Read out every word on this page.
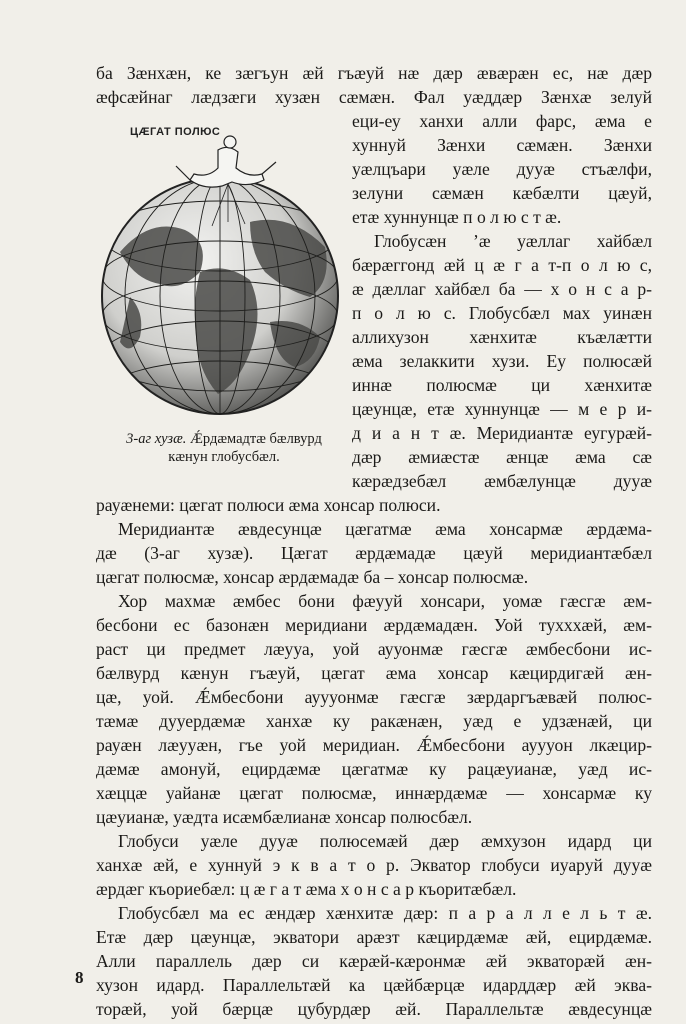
ба Зæнхæн, ке зæгъун æй гъæуй нæ дæр æвæрæн ес, нæ дæр
æфсæйнаг лæдзæги хузæн сæмæн. Фал уæддæр Зæнхæ зелуй
ЦÆГАТ ПОЛЮС
еци-еу ханхи алли фарс, æма е
хуннуй Зæнхи сæмæн. Зæнхи
уæлцъари уæле дууæ стъæлфи,
зелуни сæмæн кæбæлти цæуй,
етæ хуннунцæ п о л ю с т æ.
Глобусæн ʼæ уæллаг хайбæл
бæрæггонд æй ц æ г а т-п о л ю с,
æ дæллаг хайбæл ба — х о н с а р-
п о л ю с. Глобусбæл мах уинæн
аллихузон хæнхитæ къæлæтти
æма зелаккити хузи. Еу полюсæй
иннæ полюсмæ ци хæнхитæ
цæунцæ, етæ хуннунцæ — м е р и-
д и а н т æ. Меридиантæ еугурæй-
дæр æмиæстæ æнцæ æма сæ
кæрæдзебæл æмбæлунцæ дууæ
3-аг хузæ. Ǽрдæмадтæ бæлвурд
кæнун глобусбæл.
рауæнеми: цæгат полюси æма хонсар полюси.
Меридиантæ æвдесунцæ цæгатмæ æма хонсармæ æрдæма-
дæ (3-аг хузæ). Цæгат æрдæмадæ цæуй меридиантæбæл
цæгат полюсмæ, хонсар æрдæмадæ ба – хонсар полюсмæ.
Хор махмæ æмбес бони фæууй хонсари, уомæ гæсгæ æм-
бесбони ес базонæн меридиани æрдæмадæн. Уой тухххæй, æм-
раст ци предмет лæууа, уой аууонмæ гæсгæ æмбесбони ис-
бæлвурд кæнун гъæуй, цæгат æма хонсар кæцирдигæй æн-
цæ, уой. Ǽмбесбони ауууонмæ гæсгæ зæрдаргъæвæй полюс-
тæмæ дууердæмæ ханхæ ку ракæнæн, уæд е удзæнæй, ци
рауæн лæууæн, гъе уой меридиан. Ǽмбесбони ауууон лкæцир-
дæмæ амонуй, ецирдæмæ цæгатмæ ку рацæуианæ, уæд ис-
хæццæ уайанæ цæгат полюсмæ, иннæрдæмæ — хонсармæ ку
цæуианæ, уæдта исæмбæлианæ хонсар полюсбæл.
Глобуси уæле дууæ полюсемæй дæр æмхузон идард ци
ханхæ æй, е хуннуй э к в а т о р. Экватор глобуси иуаруй дууæ
æрдæг къориебæл: ц æ г а т æма х о н с а р къоритæбæл.
Глобусбæл ма ес æндæр хæнхитæ дæр: п а р а л л е л ь т æ.
Етæ дæр цæунцæ, экватори арæзт кæцирдæмæ æй, ецирдæмæ.
Алли параллель дæр си кæрæй-кæронмæ æй экваторæй æн-
хузон идард. Параллельтæй ка цæйбæрцæ идарддæр æй эква-
торæй, уой бæрцæ цубурдæр æй. Параллельтæ æвдесунцæ
8
